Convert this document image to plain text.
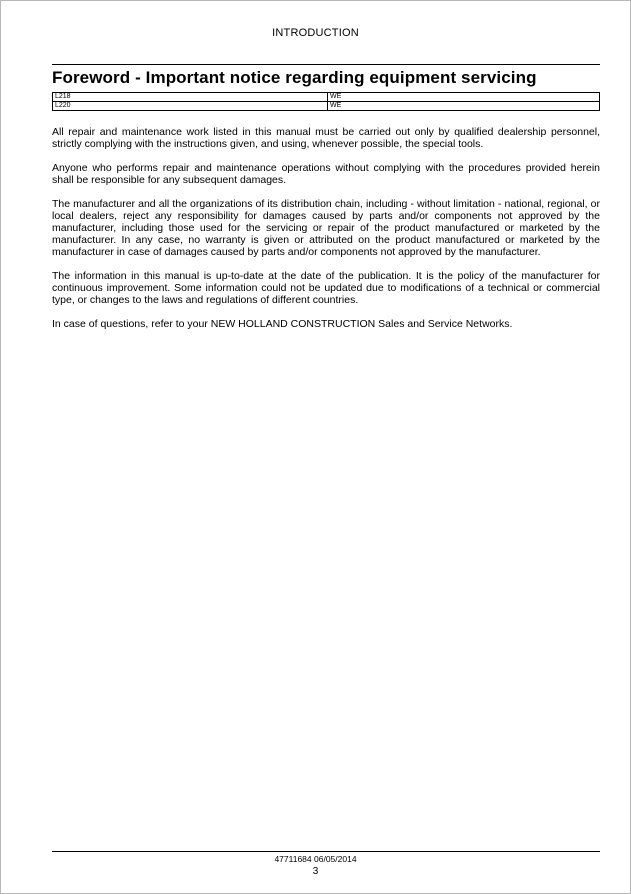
INTRODUCTION
Foreword - Important notice regarding equipment servicing
L218	WE
L220	WE

All repair and maintenance work listed in this manual must be carried out only by qualified dealership personnel, strictly complying with the instructions given, and using, whenever possible, the special tools.

Anyone who performs repair and maintenance operations without complying with the procedures provided herein shall be responsible for any subsequent damages.

The manufacturer and all the organizations of its distribution chain, including - without limitation - national, regional, or local dealers, reject any responsibility for damages caused by parts and/or components not approved by the manufacturer, including those used for the servicing or repair of the product manufactured or marketed by the manufacturer. In any case, no warranty is given or attributed on the product manufactured or marketed by the manufacturer in case of damages caused by parts and/or components not approved by the manufacturer.

The information in this manual is up-to-date at the date of the publication. It is the policy of the manufacturer for continuous improvement. Some information could not be updated due to modifications of a technical or commercial type, or changes to the laws and regulations of different countries.

In case of questions, refer to your NEW HOLLAND CONSTRUCTION Sales and Service Networks.

47711684 06/05/2014
3
